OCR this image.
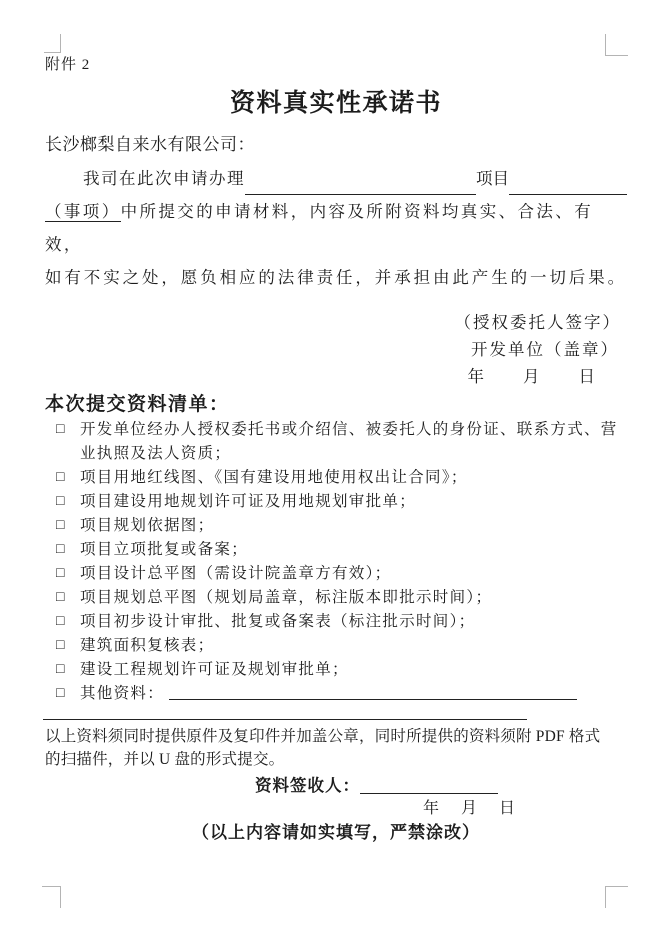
附件 2
资料真实性承诺书
长沙榔梨自来水有限公司：
我司在此次申请办理	项目
（事项）中所提交的申请材料，内容及所附资料均真实、合法、有效，
如有不实之处，愿负相应的法律责任，并承担由此产生的一切后果。
（授权委托人签字）
开发单位（盖章）
年　　月　　日
本次提交资料清单：
□ 开发单位经办人授权委托书或介绍信、被委托人的身份证、联系方式、营业执照及法人资质；
□ 项目用地红线图、《国有建设用地使用权出让合同》；
□ 项目建设用地规划许可证及用地规划审批单；
□ 项目规划依据图；
□ 项目立项批复或备案；
□ 项目设计总平图（需设计院盖章方有效）；
□ 项目规划总平图（规划局盖章，标注版本即批示时间）；
□ 项目初步设计审批、批复或备案表（标注批示时间）；
□ 建筑面积复核表；
□ 建设工程规划许可证及规划审批单；
□ 其他资料：
以上资料须同时提供原件及复印件并加盖公章，同时所提供的资料须附 PDF 格式
的扫描件，并以 U 盘的形式提交。
资料签收人：
年　月　日
（以上内容请如实填写，严禁涂改）
